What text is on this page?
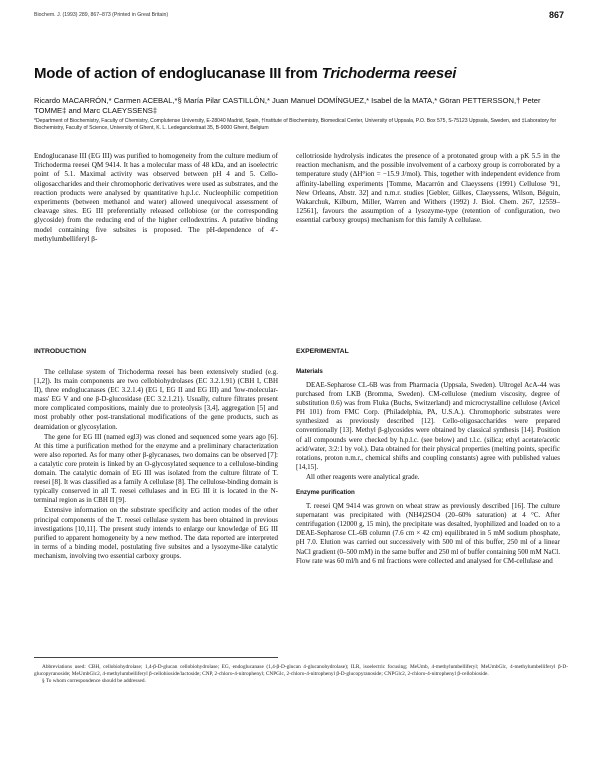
Biochem. J. (1993) 289, 867–873 (Printed in Great Britain)	867
Mode of action of endoglucanase III from Trichoderma reesei

Ricardo MACARRÓN,* Carmen ACEBAL,*§ María Pilar CASTILLÓN,* Juan Manuel DOMÍNGUEZ,* Isabel de la MATA,* Göran PETTERSSON,† Peter TOMME‡ and Marc CLAEYSSENS‡

*Department of Biochemistry, Faculty of Chemistry, Complutense University, E-28040 Madrid, Spain, †Institute of Biochemistry, Biomedical Center, University of Uppsala, P.O. Box 575, S-75123 Uppsala, Sweden, and ‡Laboratory for Biochemistry, Faculty of Science, University of Ghent, K. L. Ledeganckstraat 35, B-9000 Ghent, Belgium

Endoglucanase III (EG III) was purified to homogeneity from the culture medium of Trichoderma reesei QM 9414. It has a molecular mass of 48 kDa, and an isoelectric point of 5.1. Maximal activity was observed between pH 4 and 5. Cello-oligosaccharides and their chromophoric derivatives were used as substrates, and the reaction products were analysed by quantitative h.p.l.c. Nucleophilic competition experiments (between methanol and water) allowed unequivocal assessment of cleavage sites. EG III preferentially released cellobiose (or the corresponding glycoside) from the reducing end of the higher cellodextrins. A putative binding model containing five subsites is proposed. The pH-dependence of 4′-methylumbelliferyl β-

cellotrioside hydrolysis indicates the presence of a protonated group with a pK 5.5 in the reaction mechanism, and the possible involvement of a carboxy group is corroborated by a temperature study (ΔH°ion = −15.9 J/mol). This, together with independent evidence from affinity-labelling experiments [Tomme, Macarrón and Claeyssens (1991) Cellulose '91, New Orleans, Abstr. 32] and n.m.r. studies [Gebler, Gilkes, Claeyssens, Wilson, Béguin, Wakarchuk, Kilburn, Miller, Warren and Withers (1992) J. Biol. Chem. 267, 12559–12561], favours the assumption of a lysozyme-type (retention of configuration, two essential carboxy groups) mechanism for this family A cellulase.

INTRODUCTION

The cellulase system of Trichoderma reesei has been extensively studied (e.g. [1,2]). Its main components are two cellobiohydrolases (EC 3.2.1.91) (CBH I, CBH II), three endoglucanases (EC 3.2.1.4) (EG I, EG II and EG III) and 'low-molecular-mass' EG V and one β-D-glucosidase (EC 3.2.1.21). Usually, culture filtrates present more complicated compositions, mainly due to proteolysis [3,4], aggregation [5] and most probably other post-translational modifications of the gene products, such as deamidation or glycosylation.

The gene for EG III (named egl3) was cloned and sequenced some years ago [6]. At this time a purification method for the enzyme and a preliminary characterization were also reported. As for many other β-glycanases, two domains can be observed [7]: a catalytic core protein is linked by an O-glycosylated sequence to a cellulose-binding domain. The catalytic domain of EG III was isolated from the culture filtrate of T. reesei [8]. It was classified as a family A cellulase [8]. The cellulose-binding domain is typically conserved in all T. reesei cellulases and in EG III it is located in the N-terminal region as in CBH II [9].

Extensive information on the substrate specificity and action modes of the other principal components of the T. reesei cellulase system has been obtained in previous investigations [10,11]. The present study intends to enlarge our knowledge of EG III purified to apparent homogeneity by a new method. The data reported are interpreted in terms of a binding model, postulating five subsites and a lysozyme-like catalytic mechanism, involving two essential carboxy groups.

EXPERIMENTAL
Materials

DEAE-Sepharose CL-6B was from Pharmacia (Uppsala, Sweden). Ultrogel AcA-44 was purchased from LKB (Bromma, Sweden). CM-cellulose (medium viscosity, degree of substitution 0.6) was from Fluka (Buchs, Switzerland) and microcrystalline cellulose (Avicel PH 101) from FMC Corp. (Philadelphia, PA, U.S.A.). Chromophoric substrates were synthesized as previously described [12]. Cello-oligosaccharides were prepared conventionally [13]. Methyl β-glycosides were obtained by classical synthesis [14]. Position of all compounds were checked by h.p.l.c. (see below) and t.l.c. (silica; ethyl acetate/acetic acid/water, 3:2:1 by vol.). Data obtained for their physical properties (melting points, specific rotations, proton n.m.r., chemical shifts and coupling constants) agree with published values [14,15].

All other reagents were analytical grade.

Enzyme purification

T. reesei QM 9414 was grown on wheat straw as previously described [16]. The culture supernatant was precipitated with (NH4)2SO4 (20–60% saturation) at 4 °C. After centrifugation (12000 g, 15 min), the precipitate was desalted, lyophilized and loaded on to a DEAE-Sepharose CL-6B column (7.6 cm × 42 cm) equilibrated in 5 mM sodium phosphate, pH 7.0. Elution was carried out successively with 500 ml of this buffer, 250 ml of a linear NaCl gradient (0–500 mM) in the same buffer and 250 ml of buffer containing 500 mM NaCl. Flow rate was 60 ml/h and 6 ml fractions were collected and analysed for CM-cellulase and

Abbreviations used: CBH, cellobiohydrolase; 1,4-β-D-glucan cellobiohydrolase; EG, endoglucanase (1,4-β-D-glucan 4-glucanohydrolase); ILR, isoelectric focusing; MeUmb, 4-methylumbelliferyl; MeUmbGlc, 4-methylumbelliferyl β-D-glucopyranoside; MeUmbGlc2, 4-methylumbelliferyl β-cellobioside/lactoside; CNP, 2-chloro-4-nitrophenyl; CNPGlc, 2-chloro-4-nitrophenyl β-D-glucopyranoside; CNPGlc2, 2-chloro-4-nitrophenyl β-cellobioside.

§ To whom correspondence should be addressed.
